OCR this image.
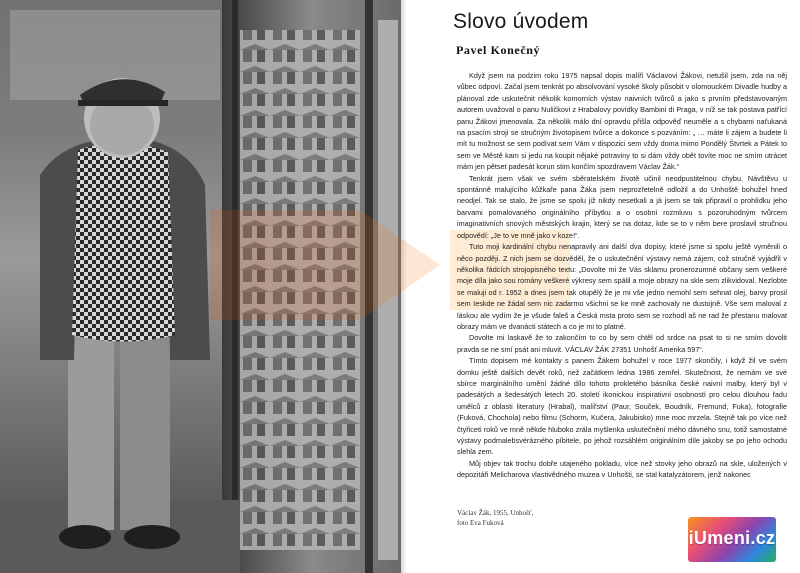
Slovo úvodem
Pavel Konečný

Když jsem na podzim roku 1975 napsal dopis malíři Václavovi Žákovi, netušil jsem, zda na něj vůbec odpoví. Začal jsem tenkrát po absolvování vysoké školy působit v olomouckém Divadle hudby a plánoval zde uskutečnit několik komorních výstav naivních tvůrců a jako s prvním představovaným autorem uvažoval o panu Nuličkovi z Hrabalovy povídky Bambini di Praga, v níž se tak postava patřící panu Žákovi jmenovala. Za několik málo dní opravdu přišla odpověď neuměle a s chybami naťukaná na psacím stroji se stručným životopisem tvůrce a dokonce s pozváním: „ … máte li zájem a budete li mít tu možnost se sem podívat sem Vám v dispozici sem vždy doma mimo Pondělý Štvrtek a Pátek to sem ve Městě kam si jedu na koupit nějaké potraviny to si dám vždy obět tovíte moc ne smím utrácet mám jen pětset padesát korun stim končím spozdravem Václav Žák.“

Tenkrát jsem však ve svém sběratelském životě učinil neodpustitelnou chybu. Návštěvu u spontánně malujícího kůžkaře pana Žáka jsem neprozřetelně odložil a do Unhoště bohužel hned neodjel. Tak se stalo, že jsme se spolu již nikdy nesetkali a já jsem se tak připravil o prohlídku jeho barvami pomalovaného originálního příbytku a o osobní rozmluvu s pozoruhodným tvůrcem imaginativních snových městských krajin, který se na dotaz, kde se to v něm bere proslavil stručnou odpovědí: „Je to ve mně jako v koze!“.

Tuto moji kardinální chybu nenapravily ani další dva dopisy, které jsme si spolu ještě vyměnili o něco později. Z nich jsem se dozvěděl, že o uskutečnění výstavy nemá zájem, což stručně vyjádřil v několika řádcích strojopisného textu: „Dovolte mi že Vás sklamu pronerozumné občany sem veškeré moje díla jako sou romány veškeré výkresy sem spálil a moje obrazy na skle sem zlikvidoval. Nezlobte se maluji od r. 1952 a dnes jsem tak otupělý že je mi vše jedno nemohl sem sehnat olej, barvy prosil sem Ieskde ne žádal sem nic zadarmo všichni se ke mně zachovaly ne dustojně. Vše sem maloval z láskou ale vydím že je všude faleš a Česká msta proto sem se rozhodl aš ne rad že přestanu malovat obrazy mám ve dvanácti státech a co je mi to platné.

Dovolte mi laskavě že to zakončím to co by sem chtěl od srdce na psat to si ne smím dovolit pravda se ne smí psát ani mluvit. VÁCLAV ŽÁK 27351 Unhošť Amerika 597“.

Tímto dopisem mé kontakty s panem Žákem bohužel v roce 1977 skončily, i když žil ve svém domku ještě dalších devět roků, než začátkem ledna 1986 zemřel. Skutečnost, že nemám ve své sbírce marginálního umění žádné dílo tohoto prokletého básníka české naivní malby, který byl v padesátých a šedesátých letech 20. století ikonickou inspirativní osobností pro celou dlouhou řadu umělců z oblasti literatury (Hrabal), malířství (Paur, Souček, Boudník, Fremund, Fuka), fotografie (Fuková, Chochola) nebo filmu (Schorm, Kučera, Jakubisko) mne moc mrzela. Stejně tak po více než čtyřiceti roků ve mně někde hluboko zrála myšlenka uskutečnění mého dávného snu, totiž samostatné výstavy podmalebsvérázného píbitele, po jehož rozsáhlém originálním díle jakoby se po jeho ochodu slehla zem.

Můj objev tak trochu dobře utajeného pokladu, více než stovky jeho obrazů na skle, uložených v depozitáři Melicharova vlastivědného muzea v Unhošti, se stal katalyzátorem, jenž nakonec

Václav Žák, 1955, Unhošť,
foto Eva Fuková
iUmeni.cz
